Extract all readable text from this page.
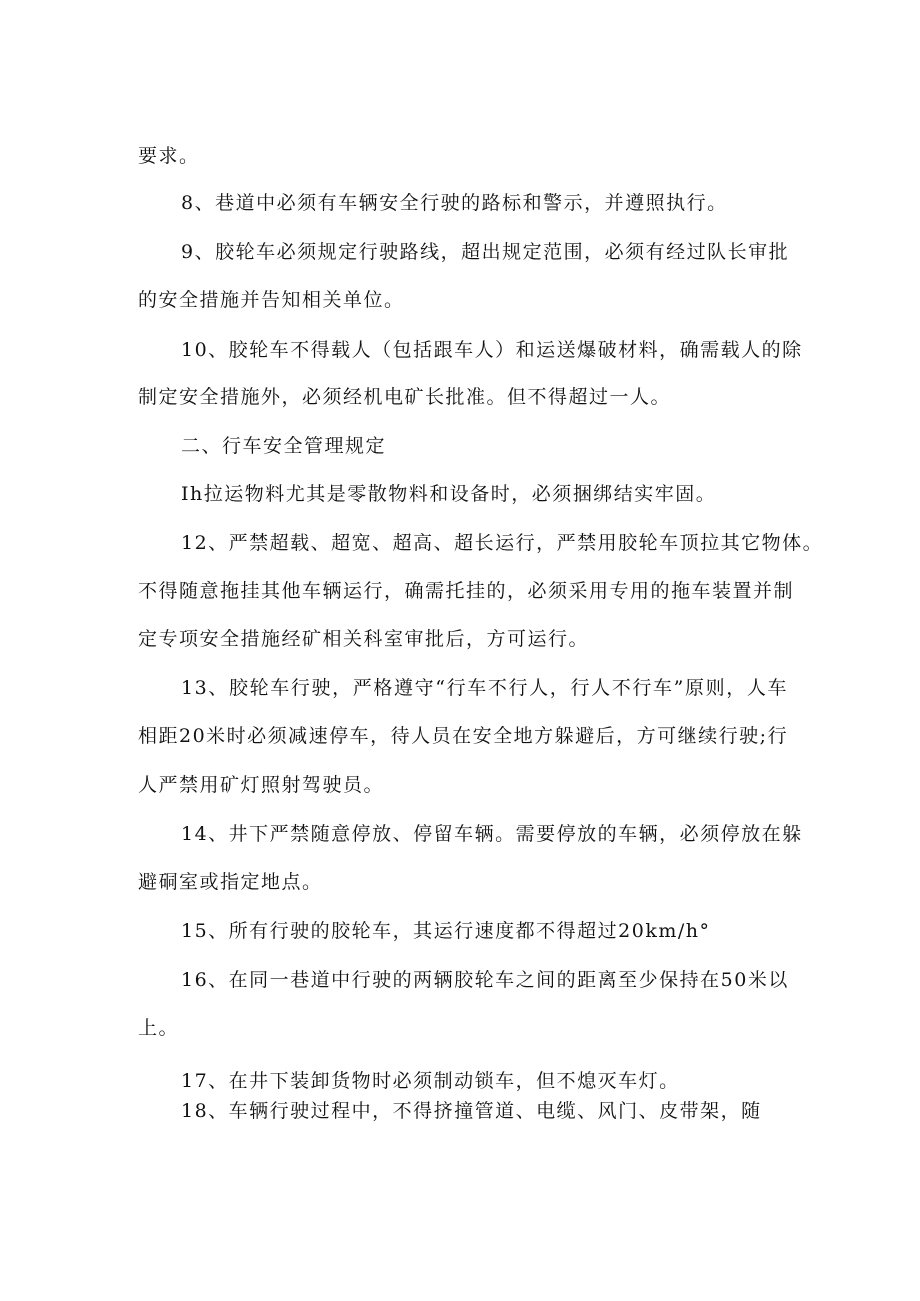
要求。

8、巷道中必须有车辆安全行驶的路标和警示，并遵照执行。

9、胶轮车必须规定行驶路线，超出规定范围，必须有经过队长审批

的安全措施并告知相关单位。

10、胶轮车不得载人（包括跟车人）和运送爆破材料，确需载人的除

制定安全措施外，必须经机电矿长批准。但不得超过一人。

二、行车安全管理规定

Ih拉运物料尤其是零散物料和设备时，必须捆绑结实牢固。

12、严禁超载、超宽、超高、超长运行，严禁用胶轮车顶拉其它物体。

不得随意拖挂其他车辆运行，确需托挂的，必须采用专用的拖车装置并制

定专项安全措施经矿相关科室审批后，方可运行。

13、胶轮车行驶，严格遵守“行车不行人，行人不行车”原则，人车

相距20米时必须减速停车，待人员在安全地方躲避后，方可继续行驶;行

人严禁用矿灯照射驾驶员。

14、井下严禁随意停放、停留车辆。需要停放的车辆，必须停放在躲

避硐室或指定地点。

15、所有行驶的胶轮车，其运行速度都不得超过20km/h°

16、在同一巷道中行驶的两辆胶轮车之间的距离至少保持在50米以

上。

17、在井下装卸货物时必须制动锁车，但不熄灭车灯。

18、车辆行驶过程中，不得挤撞管道、电缆、风门、皮带架，随
